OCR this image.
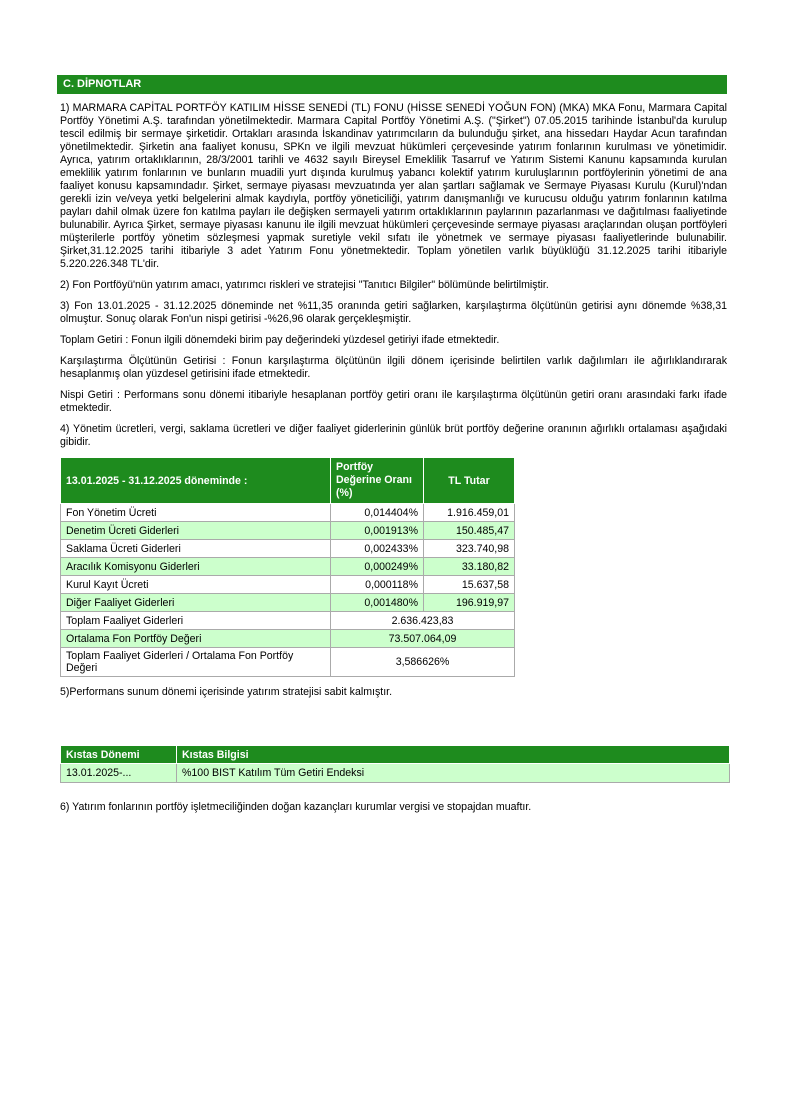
C. DİPNOTLAR

1) MARMARA CAPİTAL PORTFÖY KATILIM HİSSE SENEDİ (TL) FONU (HİSSE SENEDİ YOĞUN FON) (MKA) MKA Fonu, Marmara Capital Portföy Yönetimi A.Ş. tarafından yönetilmektedir. Marmara Capital Portföy Yönetimi A.Ş. ("Şirket") 07.05.2015 tarihinde İstanbul'da kurulup tescil edilmiş bir sermaye şirketidir. Ortakları arasında İskandinav yatırımcıların da bulunduğu şirket, ana hissedarı Haydar Acun tarafından yönetilmektedir. Şirketin ana faaliyet konusu, SPKn ve ilgili mevzuat hükümleri çerçevesinde yatırım fonlarının kurulması ve yönetimidir. Ayrıca, yatırım ortaklıklarının, 28/3/2001 tarihli ve 4632 sayılı Bireysel Emeklilik Tasarruf ve Yatırım Sistemi Kanunu kapsamında kurulan emeklilik yatırım fonlarının ve bunların muadili yurt dışında kurulmuş yabancı kolektif yatırım kuruluşlarının portföylerinin yönetimi de ana faaliyet konusu kapsamındadır. Şirket, sermaye piyasası mevzuatında yer alan şartları sağlamak ve Sermaye Piyasası Kurulu (Kurul)'ndan gerekli izin ve/veya yetki belgelerini almak kaydıyla, portföy yöneticiliği, yatırım danışmanlığı ve kurucusu olduğu yatırım fonlarının katılma payları dahil olmak üzere fon katılma payları ile değişken sermayeli yatırım ortaklıklarının paylarının pazarlanması ve dağıtılması faaliyetinde bulunabilir. Ayrıca Şirket, sermaye piyasası kanunu ile ilgili mevzuat hükümleri çerçevesinde sermaye piyasası araçlarından oluşan portföyleri müşterilerle portföy yönetim sözleşmesi yapmak suretiyle vekil sıfatı ile yönetmek ve sermaye piyasası faaliyetlerinde bulunabilir. Şirket,31.12.2025 tarihi itibariyle 3 adet Yatırım Fonu yönetmektedir. Toplam yönetilen varlık büyüklüğü 31.12.2025 tarihi itibariyle 5.220.226.348 TL'dir.

2) Fon Portföyü'nün yatırım amacı, yatırımcı riskleri ve stratejisi "Tanıtıcı Bilgiler" bölümünde belirtilmiştir.

3) Fon 13.01.2025 - 31.12.2025 döneminde net %11,35 oranında getiri sağlarken, karşılaştırma ölçütünün getirisi aynı dönemde %38,31 olmuştur. Sonuç olarak Fon'un nispi getirisi -%26,96 olarak gerçekleşmiştir.

Toplam Getiri : Fonun ilgili dönemdeki birim pay değerindeki yüzdesel getiriyi ifade etmektedir.

Karşılaştırma Ölçütünün Getirisi : Fonun karşılaştırma ölçütünün ilgili dönem içerisinde belirtilen varlık dağılımları ile ağırlıklandırarak hesaplanmış olan yüzdesel getirisini ifade etmektedir.

Nispi Getiri : Performans sonu dönemi itibariyle hesaplanan portföy getiri oranı ile karşılaştırma ölçütünün getiri oranı arasındaki farkı ifade etmektedir.

4) Yönetim ücretleri, vergi, saklama ücretleri ve diğer faaliyet giderlerinin günlük brüt portföy değerine oranının ağırlıklı ortalaması aşağıdaki gibidir.

13.01.2025 - 31.12.2025 döneminde :	Portföy Değerine Oranı (%)	TL Tutar
Fon Yönetim Ücreti	0,014404%	1.916.459,01
Denetim Ücreti Giderleri	0,001913%	150.485,47
Saklama Ücreti Giderleri	0,002433%	323.740,98
Aracılık Komisyonu Giderleri	0,000249%	33.180,82
Kurul Kayıt Ücreti	0,000118%	15.637,58
Diğer Faaliyet Giderleri	0,001480%	196.919,97
Toplam Faaliyet Giderleri	2.636.423,83	
Ortalama Fon Portföy Değeri	73.507.064,09	
Toplam Faaliyet Giderleri / Ortalama Fon Portföy Değeri	3,586626%	

5)Performans sunum dönemi içerisinde yatırım stratejisi sabit kalmıştır.

Kıstas Dönemi	Kıstas Bilgisi
13.01.2025-...	%100 BIST Katılım Tüm Getiri Endeksi

6) Yatırım fonlarının portföy işletmeciliğinden doğan kazançları kurumlar vergisi ve stopajdan muaftır.
